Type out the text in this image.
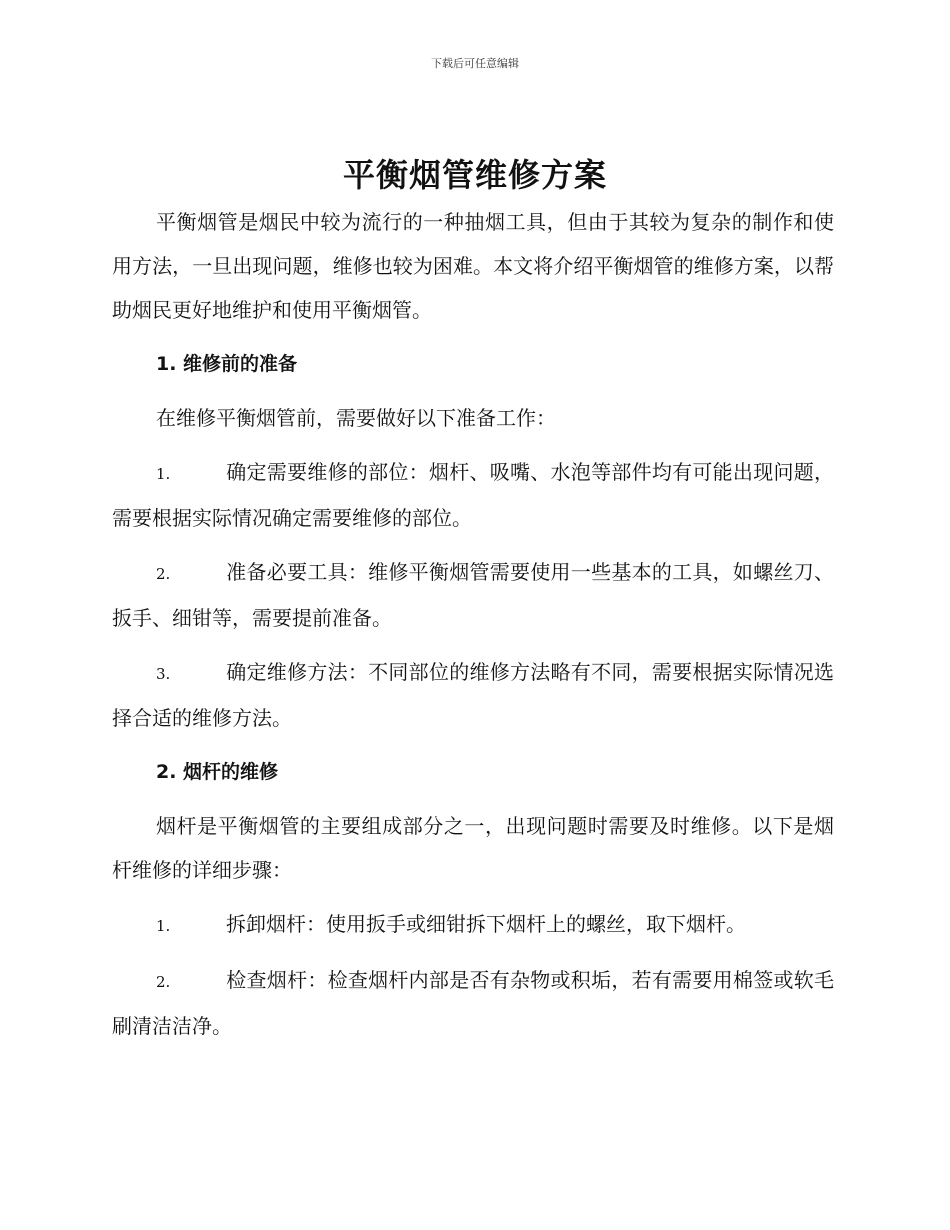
下载后可任意编辑
平衡烟管维修方案

平衡烟管是烟民中较为流行的一种抽烟工具，但由于其较为复杂的制作和使用方法，一旦出现问题，维修也较为困难。本文将介绍平衡烟管的维修方案，以帮助烟民更好地维护和使用平衡烟管。

1. 维修前的准备

在维修平衡烟管前，需要做好以下准备工作：

1.	确定需要维修的部位：烟杆、吸嘴、水泡等部件均有可能出现问题，需要根据实际情况确定需要维修的部位。

2.	准备必要工具：维修平衡烟管需要使用一些基本的工具，如螺丝刀、扳手、细钳等，需要提前准备。

3.	确定维修方法：不同部位的维修方法略有不同，需要根据实际情况选择合适的维修方法。

2. 烟杆的维修

烟杆是平衡烟管的主要组成部分之一，出现问题时需要及时维修。以下是烟杆维修的详细步骤：

1.	拆卸烟杆：使用扳手或细钳拆下烟杆上的螺丝，取下烟杆。

2.	检查烟杆：检查烟杆内部是否有杂物或积垢，若有需要用棉签或软毛刷清洁洁净。
